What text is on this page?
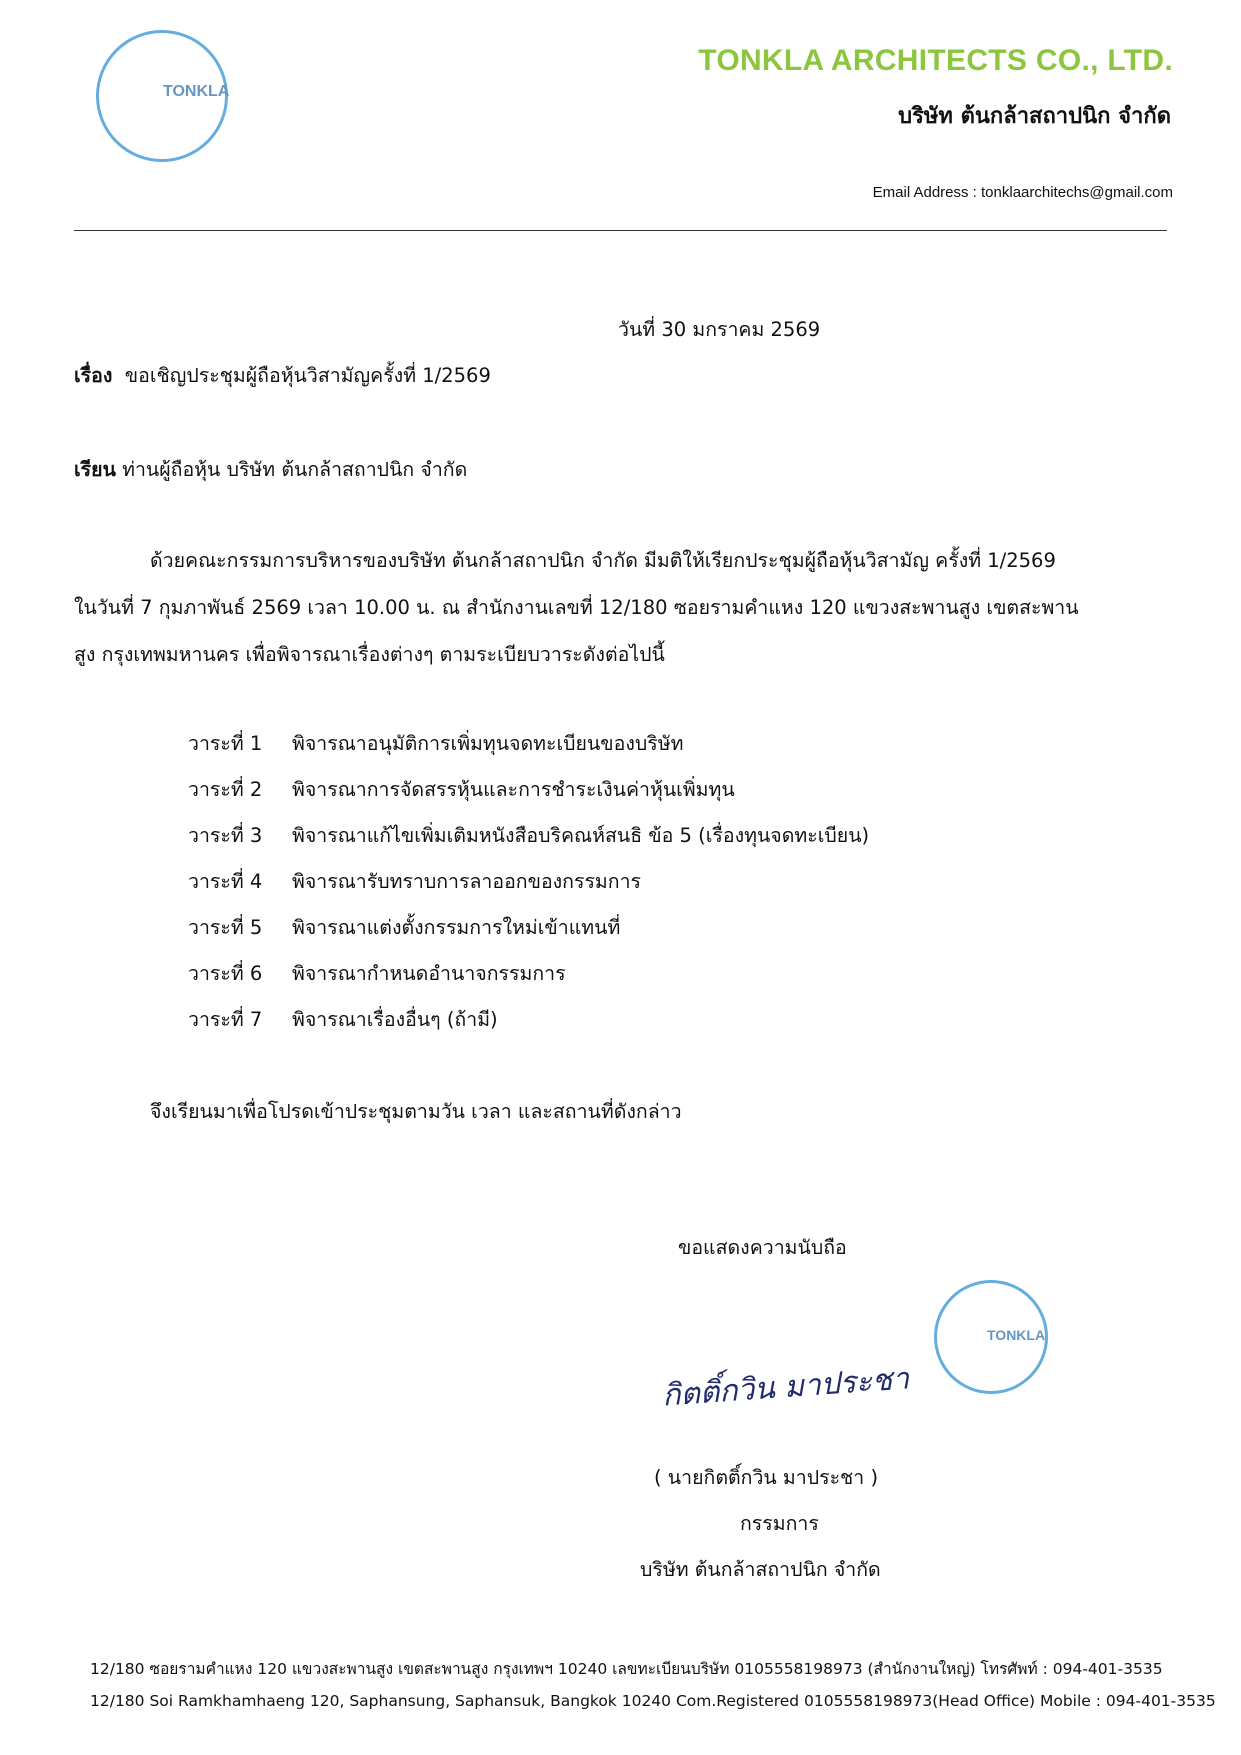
TONKLA
TONKLA ARCHITECTS CO., LTD.
บริษัท ต้นกล้าสถาปนิก จำกัด
Email Address : tonklaarchitechs@gmail.com
วันที่ 30 มกราคม 2569
เรื่อง ขอเชิญประชุมผู้ถือหุ้นวิสามัญครั้งที่ 1/2569
เรียน ท่านผู้ถือหุ้น บริษัท ต้นกล้าสถาปนิก จำกัด
ด้วยคณะกรรมการบริหารของบริษัท ต้นกล้าสถาปนิก จำกัด มีมติให้เรียกประชุมผู้ถือหุ้นวิสามัญ ครั้งที่ 1/2569
ในวันที่ 7 กุมภาพันธ์ 2569 เวลา 10.00 น. ณ สำนักงานเลขที่ 12/180 ซอยรามคำแหง 120 แขวงสะพานสูง เขตสะพาน
สูง กรุงเทพมหานคร เพื่อพิจารณาเรื่องต่างๆ ตามระเบียบวาระดังต่อไปนี้
วาระที่ 1 พิจารณาอนุมัติการเพิ่มทุนจดทะเบียนของบริษัท
วาระที่ 2 พิจารณาการจัดสรรหุ้นและการชำระเงินค่าหุ้นเพิ่มทุน
วาระที่ 3 พิจารณาแก้ไขเพิ่มเติมหนังสือบริคณห์สนธิ ข้อ 5 (เรื่องทุนจดทะเบียน)
วาระที่ 4 พิจารณารับทราบการลาออกของกรรมการ
วาระที่ 5 พิจารณาแต่งตั้งกรรมการใหม่เข้าแทนที่
วาระที่ 6 พิจารณากำหนดอำนาจกรรมการ
วาระที่ 7 พิจารณาเรื่องอื่นๆ (ถ้ามี)
จึงเรียนมาเพื่อโปรดเข้าประชุมตามวัน เวลา และสถานที่ดังกล่าว
ขอแสดงความนับถือ
TONKLA
กิตติ์กวิน มาประชา
( นายกิตติ์กวิน มาประชา )
กรรมการ
บริษัท ต้นกล้าสถาปนิก จำกัด
12/180 ซอยรามคำแหง 120 แขวงสะพานสูง เขตสะพานสูง กรุงเทพฯ 10240 เลขทะเบียนบริษัท 0105558198973 (สำนักงานใหญ่) โทรศัพท์ : 094-401-3535
12/180 Soi Ramkhamhaeng 120, Saphansung, Saphansuk, Bangkok 10240 Com.Registered 0105558198973(Head Office) Mobile : 094-401-3535
